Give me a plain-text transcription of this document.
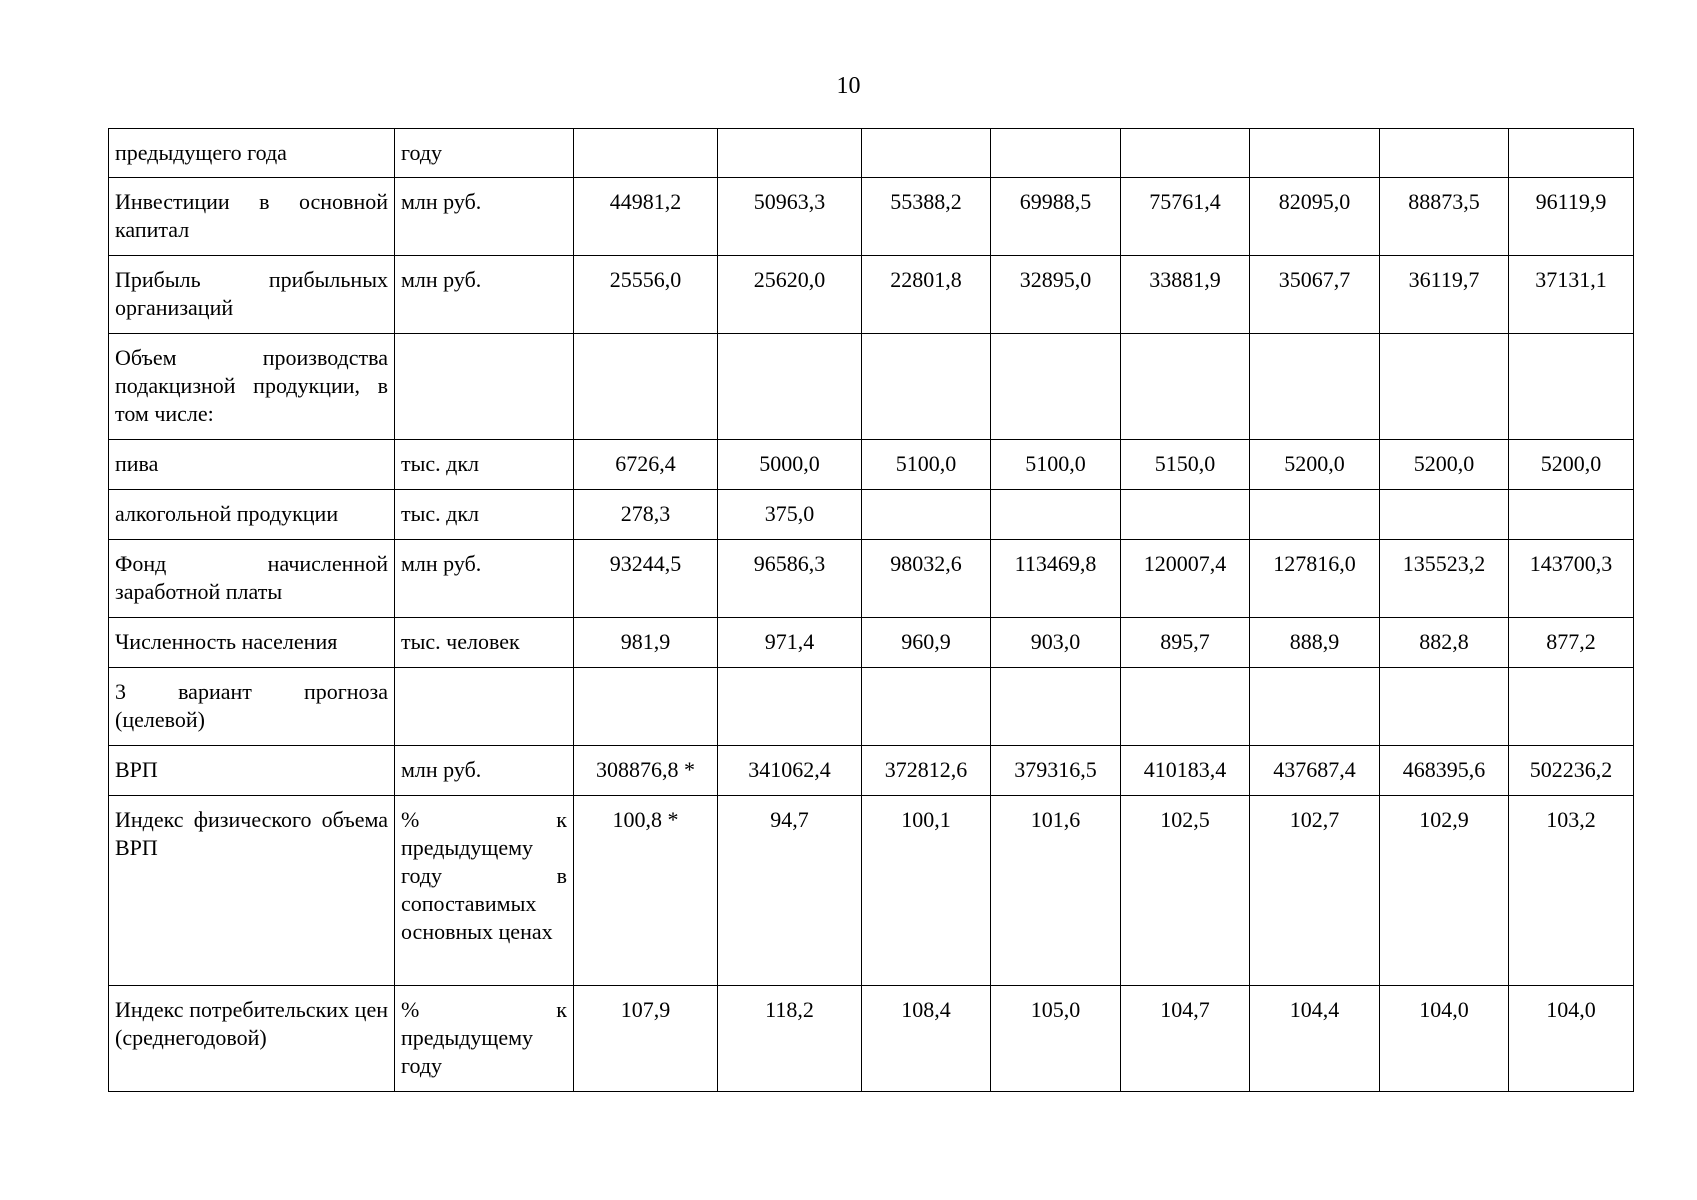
10
предыдущего года	году								
Инвестиции в основной капитал	млн руб.	44981,2	50963,3	55388,2	69988,5	75761,4	82095,0	88873,5	96119,9
Прибыль прибыльных организаций	млн руб.	25556,0	25620,0	22801,8	32895,0	33881,9	35067,7	36119,7	37131,1
Объем производства подакцизной продукции, в том числе:									
пива	тыс. дкл	6726,4	5000,0	5100,0	5100,0	5150,0	5200,0	5200,0	5200,0
алкогольной продукции	тыс. дкл	278,3	375,0						
Фонд начисленной заработной платы	млн руб.	93244,5	96586,3	98032,6	113469,8	120007,4	127816,0	135523,2	143700,3
Численность населения	тыс. человек	981,9	971,4	960,9	903,0	895,7	888,9	882,8	877,2
3 вариант прогноза (целевой)									
ВРП	млн руб.	308876,8 *	341062,4	372812,6	379316,5	410183,4	437687,4	468395,6	502236,2
Индекс физического объема ВРП	% к предыдущему году в сопоставимых основных ценах	100,8 *	94,7	100,1	101,6	102,5	102,7	102,9	103,2
Индекс потребительских цен (среднегодовой)	% к предыдущему году	107,9	118,2	108,4	105,0	104,7	104,4	104,0	104,0
